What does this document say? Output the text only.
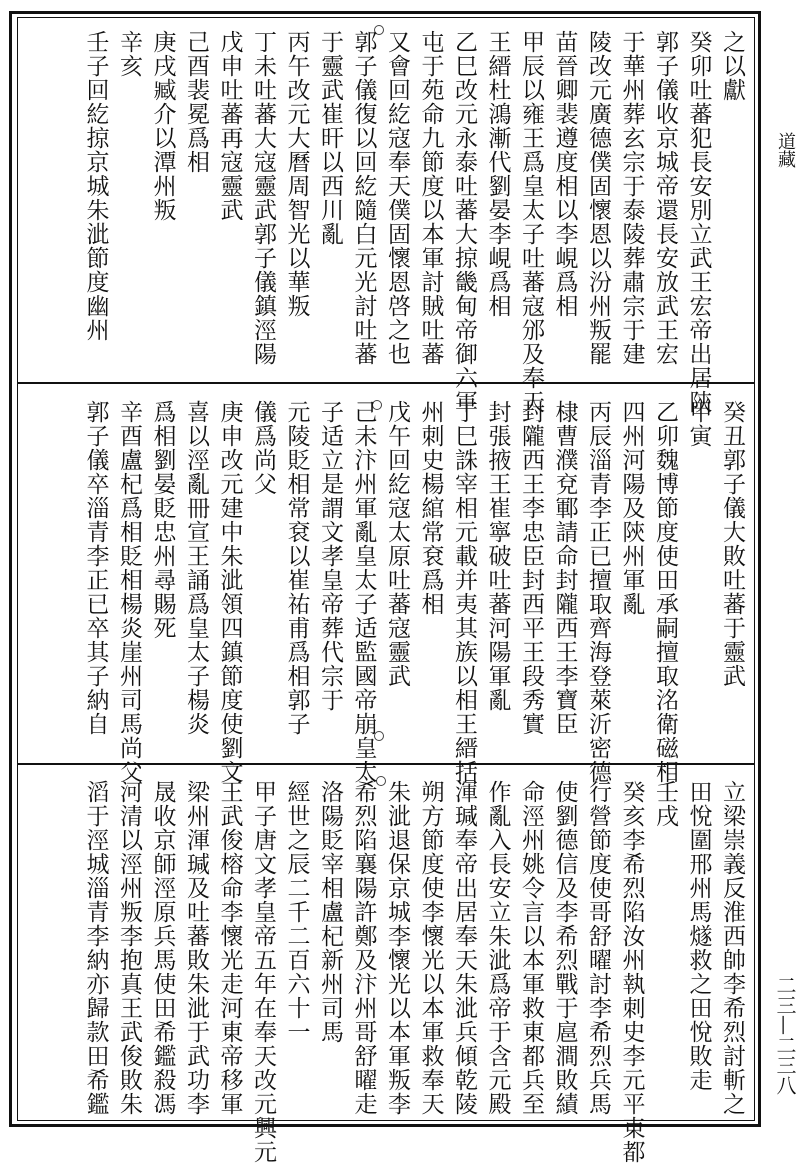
之以獻
癸卯吐蕃犯長安別立武王宏帝出居陝
郭子儀收京城帝還長安放武王宏
于華州葬玄宗于泰陵葬肅宗于建
陵改元廣德僕固懷恩以汾州叛罷
苗晉卿裴遵度相以李峴爲相
甲辰以雍王爲皇太子吐蕃寇邠及奉天
王縉杜鴻漸代劉晏李峴爲相
乙巳改元永泰吐蕃大掠畿甸帝御六軍
屯于苑命九節度以本軍討賊吐蕃
又會回紇寇奉天僕固懷恩啓之也
郭子儀復以回紇隨白元光討吐蕃
于靈武崔旰以西川亂
丙午改元大曆周智光以華叛
丁未吐蕃大寇靈武郭子儀鎮涇陽
戊申吐蕃再寇靈武
己酉裴冕爲相
庚戌臧介以潭州叛
辛亥
壬子回紇掠京城朱泚節度幽州
癸丑郭子儀大敗吐蕃于靈武
甲寅
乙卯魏博節度使田承嗣擅取洺衛磁相
四州河陽及陝州軍亂
丙辰淄青李正已擅取齊海登萊沂密德
棣曹濮兗鄆請命封隴西王李寶臣
封隴西王李忠臣封西平王段秀實
封張掖王崔寧破吐蕃河陽軍亂
丁巳誅宰相元載并夷其族以相王縉括
州刺史楊綰常袞爲相
戊午回紇寇太原吐蕃寇靈武
己未汴州軍亂皇太子适監國帝崩皇太
子适立是謂文孝皇帝葬代宗于
元陵貶相常袞以崔祐甫爲相郭子
儀爲尚父
庚申改元建中朱泚領四鎮節度使劉文
喜以涇亂冊宣王誦爲皇太子楊炎
爲相劉晏貶忠州尋賜死
辛酉盧杞爲相貶相楊炎崖州司馬尚父
郭子儀卒淄青李正已卒其子納自
立梁崇義反淮西帥李希烈討斬之
田悅圍邢州馬燧救之田悅敗走
壬戌
癸亥李希烈陷汝州執刺史李元平東都
行營節度使哥舒曜討李希烈兵馬
使劉德信及李希烈戰于扈澗敗績
命涇州姚令言以本軍救東都兵至
作亂入長安立朱泚爲帝于含元殿
渾瑊奉帝出居奉天朱泚兵傾乾陵
朔方節度使李懷光以本軍救奉天
朱泚退保京城李懷光以本軍叛李
希烈陷襄陽許鄭及汴州哥舒曜走
洛陽貶宰相盧杞新州司馬
經世之辰二千二百六十一
甲子唐文孝皇帝五年在奉天改元興元
王武俊榕命李懷光走河東帝移軍
梁州渾瑊及吐蕃敗朱泚于武功李
晟收京師涇原兵馬使田希鑑殺馮
河清以涇州叛李抱真王武俊敗朱
滔于涇城淄青李納亦歸款田希鑑
道藏
二三—二三八
